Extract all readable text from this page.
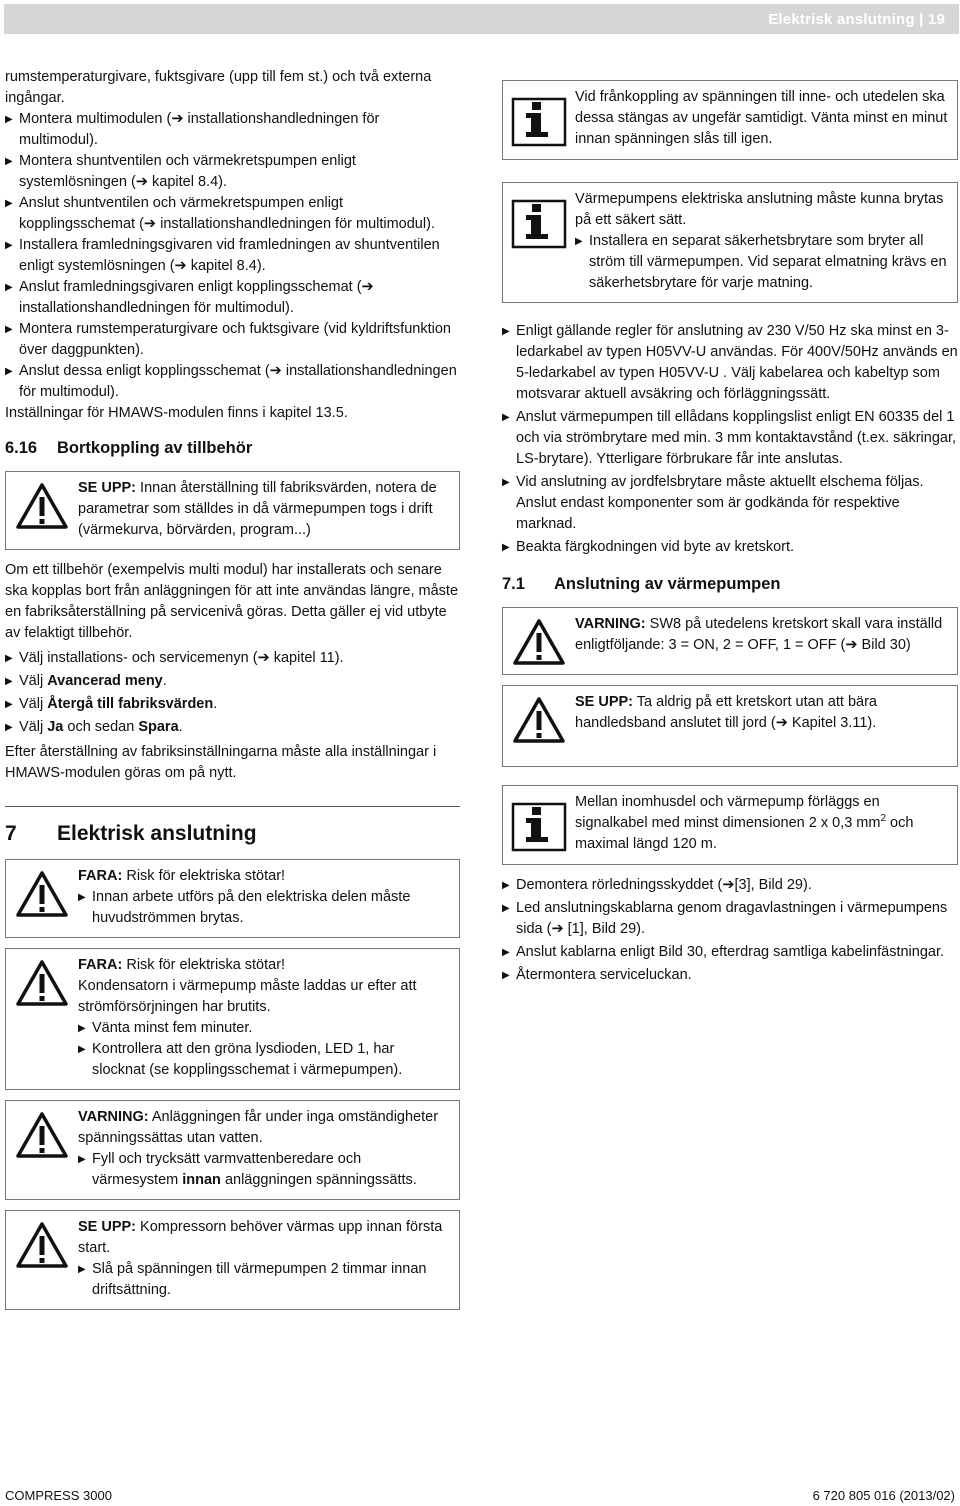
Elektrisk anslutning | 19

rumstemperaturgivare, fuktsgivare (upp till fem st.) och två externa ingångar.

▶ Montera multimodulen (➔ installationshandledningen för multimodul).
▶ Montera shuntventilen och värmekretspumpen enligt systemlösningen (➔ kapitel 8.4).
▶ Anslut shuntventilen och värmekretspumpen enligt kopplingsschemat (➔ installationshandledningen för multimodul).
▶ Installera framledningsgivaren vid framledningen av shuntventilen enligt systemlösningen (➔ kapitel 8.4).
▶ Anslut framledningsgivaren enligt kopplingsschemat (➔ installationshandledningen för multimodul).
▶ Montera rumstemperaturgivare och fuktsgivare (vid kyldriftsfunktion över daggpunkten).
▶ Anslut dessa enligt kopplingsschemat (➔ installationshandledningen för multimodul).

Inställningar för HMAWS-modulen finns i kapitel 13.5.

6.16	Bortkoppling av tillbehör
SE UPP: Innan återställning till fabriksvärden, notera de parametrar som ställdes in då värmepumpen togs i drift (värmekurva, börvärden, program...)

Om ett tillbehör (exempelvis multi modul) har installerats och senare ska kopplas bort från anläggningen för att inte användas längre, måste en fabriksåterställning på servicenivå göras. Detta gäller ej vid utbyte av felaktigt tillbehör.

▶ Välj installations- och servicemenyn (➔ kapitel 11).
▶ Välj Avancerad meny.
▶ Välj Återgå till fabriksvärden.
▶ Välj Ja och sedan Spara.

Efter återställning av fabriksinställningarna måste alla inställningar i HMAWS-modulen göras om på nytt.

7	Elektrisk anslutning
FARA: Risk för elektriska stötar!
▶ Innan arbete utförs på den elektriska delen måste huvudströmmen brytas.
FARA: Risk för elektriska stötar!
Kondensatorn i värmepump måste laddas ur efter att strömförsörjningen har brutits.
▶ Vänta minst fem minuter.
▶ Kontrollera att den gröna lysdioden, LED 1, har slocknat (se kopplingsschemat i värmepumpen).
VARNING: Anläggningen får under inga omständigheter spänningssättas utan vatten.
▶ Fyll och trycksätt varmvattenberedare och värmesystem innan anläggningen spänningssätts.
SE UPP: Kompressorn behöver värmas upp innan första start.
▶ Slå på spänningen till värmepumpen 2 timmar innan driftsättning.
Vid frånkoppling av spänningen till inne- och utedelen ska dessa stängas av ungefär samtidigt. Vänta minst en minut innan spänningen slås till igen.
Värmepumpens elektriska anslutning måste kunna brytas på ett säkert sätt.
▶ Installera en separat säkerhetsbrytare som bryter all ström till värmepumpen. Vid separat elmatning krävs en säkerhetsbrytare för varje matning.
▶ Enligt gällande regler för anslutning av 230 V/50 Hz ska minst en 3-ledarkabel av typen H05VV-U användas. För 400V/50Hz används en 5-ledarkabel av typen H05VV-U . Välj kabelarea och kabeltyp som motsvarar aktuell avsäkring och förläggningssätt.
▶ Anslut värmepumpen till ellådans kopplingslist enligt EN 60335 del 1 och via strömbrytare med min. 3 mm kontaktavstånd (t.ex. säkringar, LS-brytare). Ytterligare förbrukare får inte anslutas.
▶ Vid anslutning av jordfelsbrytare måste aktuellt elschema följas. Anslut endast komponenter som är godkända för respektive marknad.
▶ Beakta färgkodningen vid byte av kretskort.
7.1	Anslutning av värmepumpen
VARNING: SW8 på utedelens kretskort skall vara inställd enligtföljande: 3 = ON, 2 = OFF, 1 = OFF (➔ Bild 30)
SE UPP: Ta aldrig på ett kretskort utan att bära handledsband anslutet till jord (➔ Kapitel 3.11).
Mellan inomhusdel och värmepump förläggs en signalkabel med minst dimensionen 2 x 0,3 $mm^2$ och maximal längd 120 m.
▶ Demontera rörledningsskyddet (➔[3], Bild 29).
▶ Led anslutningskablarna genom dragavlastningen i värmepumpens sida (➔ [1], Bild 29).
▶ Anslut kablarna enligt Bild 30, efterdrag samtliga kabelinfästningar.
▶ Återmontera serviceluckan.
COMPRESS 3000	6 720 805 016 (2013/02)
